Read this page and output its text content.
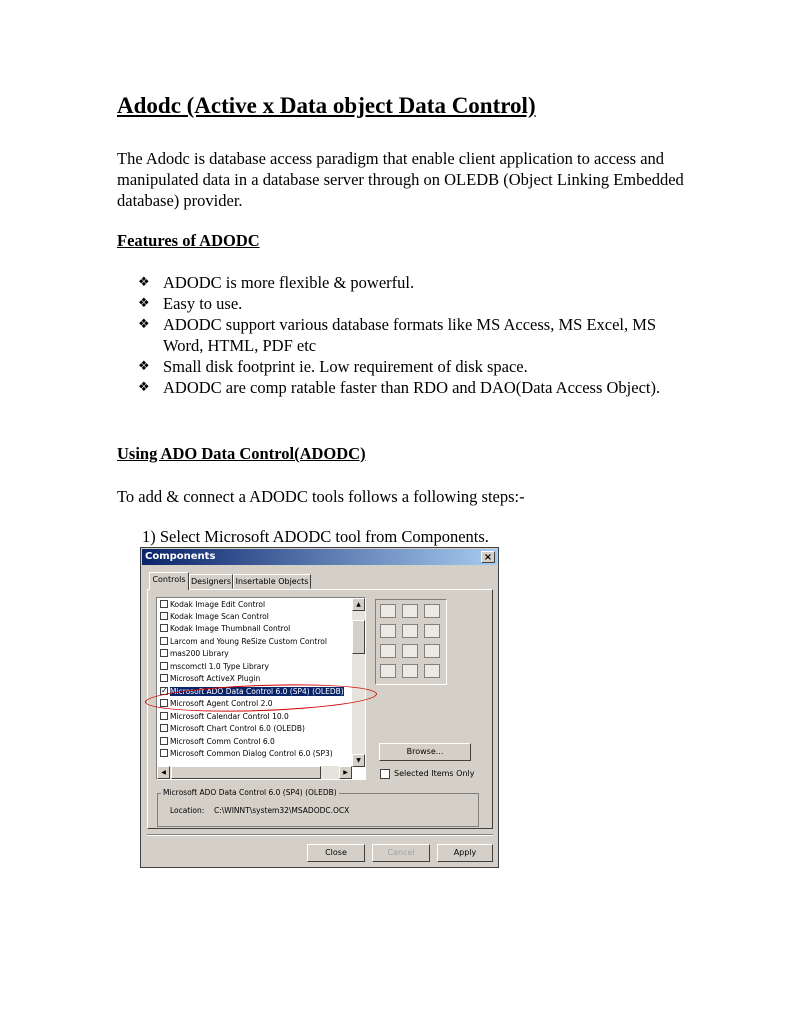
Adodc (Active x Data object Data Control)
The Adodc is database access paradigm that enable client application to access and manipulated data in a database server through on OLEDB (Object Linking Embedded database) provider.
Features of ADODC
❖ ADODC is more flexible & powerful.
❖ Easy to use.
❖ ADODC support various database formats like MS Access, MS Excel, MS Word, HTML, PDF etc
❖ Small disk footprint ie. Low requirement of disk space.
❖ ADODC are comp ratable faster than RDO and DAO(Data Access Object).
Using ADO Data Control(ADODC)
To add & connect a ADODC tools follows a following steps:-
1) Select Microsoft ADODC tool from Components.
Components	×
Controls Designers Insertable Objects
Kodak Image Edit Control
Kodak Image Scan Control
Kodak Image Thumbnail Control
Larcom and Young ReSize Custom Control
mas200 Library
mscomctl 1.0 Type Library
Microsoft ActiveX Plugin
✓ Microsoft ADO Data Control 6.0 (SP4) (OLEDB)
Microsoft Agent Control 2.0
Microsoft Calendar Control 10.0
Microsoft Chart Control 6.0 (OLEDB)
Microsoft Comm Control 6.0
Microsoft Common Dialog Control 6.0 (SP3)
▲
▼
◀	▶
Browse...
Selected Items Only
Microsoft ADO Data Control 6.0 (SP4) (OLEDB)
Location: C:\WINNT\system32\MSADODC.OCX
Close	Cancel	Apply
